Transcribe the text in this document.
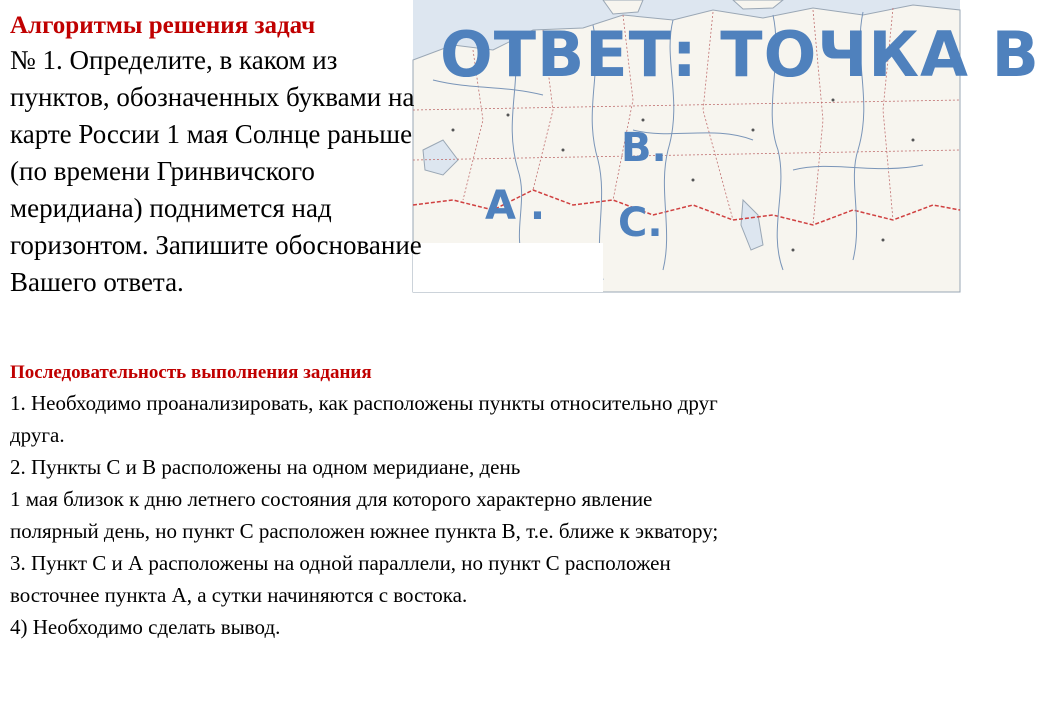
ОТВЕТ: ТОЧКА В
В.
А . С.
Алгоритмы решения задач
№ 1. Определите, в каком из
пунктов, обозначенных буквами на
карте России 1 мая Солнце раньше
(по времени Гринвичского
меридиана) поднимется над
горизонтом. Запишите обоснование
Вашего ответа.
Последовательность выполнения задания
1. Необходимо проанализировать, как расположены пункты относительно друг
друга.
2. Пункты С и В расположены на одном меридиане, день
1 мая близок к дню летнего состояния для которого характерно явление
полярный день, но пункт С расположен южнее пункта В, т.е. ближе к экватору;
3. Пункт С и А расположены на одной параллели, но пункт С расположен
восточнее пункта А, а сутки начиняются с востока.
4) Необходимо сделать вывод.
